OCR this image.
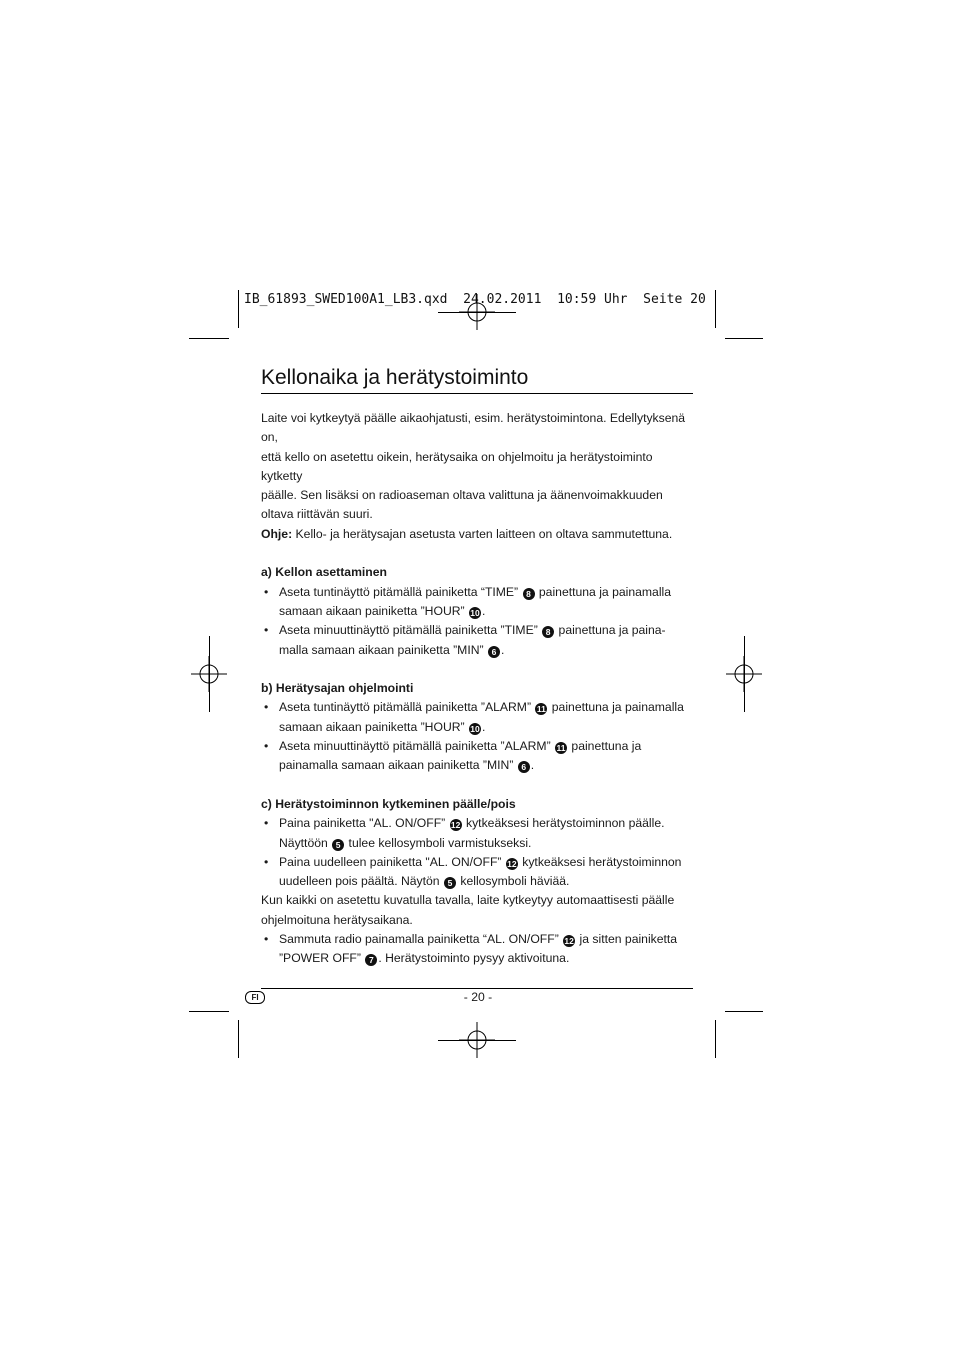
IB_61893_SWED100A1_LB3.qxd  24.02.2011  10:59 Uhr  Seite 20
Kellonaika ja herätystoiminto

Laite voi kytkeytyä päälle aikaohjatusti, esim. herätystoimintona. Edellytyksenä on,

että kello on asetettu oikein, herätysaika on ohjelmoitu ja herätystoiminto kytketty

päälle. Sen lisäksi on radioaseman oltava valittuna ja äänenvoimakkuuden

oltava riittävän suuri.

Ohje: Kello- ja herätysajan asetusta varten laitteen on oltava sammutettuna.

a) Kellon asettaminen

• Aseta tuntinäyttö pitämällä painiketta “TIME” 8 painettuna ja painamalla

samaan aikaan painiketta ”HOUR” 10 .

• Aseta minuuttinäyttö pitämällä painiketta ”TIME” 8 painettuna ja paina-

malla samaan aikaan painiketta ”MIN” 6 .

b) Herätysajan ohjelmointi

• Aseta tuntinäyttö pitämällä painiketta ”ALARM” 11 painettuna ja painamalla

samaan aikaan painiketta ”HOUR” 10 .

• Aseta minuuttinäyttö pitämällä painiketta ”ALARM” 11 painettuna ja

painamalla samaan aikaan painiketta ”MIN” 6 .

c) Herätystoiminnon kytkeminen päälle/pois

• Paina painiketta "AL. ON/OFF” 12 kytkeäksesi herätystoiminnon päälle.

Näyttöön 5 tulee kellosymboli varmistukseksi.

• Paina uudelleen painiketta "AL. ON/OFF” 12 kytkeäksesi herätystoiminnon

uudelleen pois päältä. Näytön 5 kellosymboli häviää.

Kun kaikki on asetettu kuvatulla tavalla, laite kytkeytyy automaattisesti päälle

ohjelmoituna herätysaikana.

• Sammuta radio painamalla painiketta “AL. ON/OFF” 12 ja sitten painiketta

”POWER OFF” 7 . Herätystoiminto pysyy aktivoituna.

FI	- 20 -
